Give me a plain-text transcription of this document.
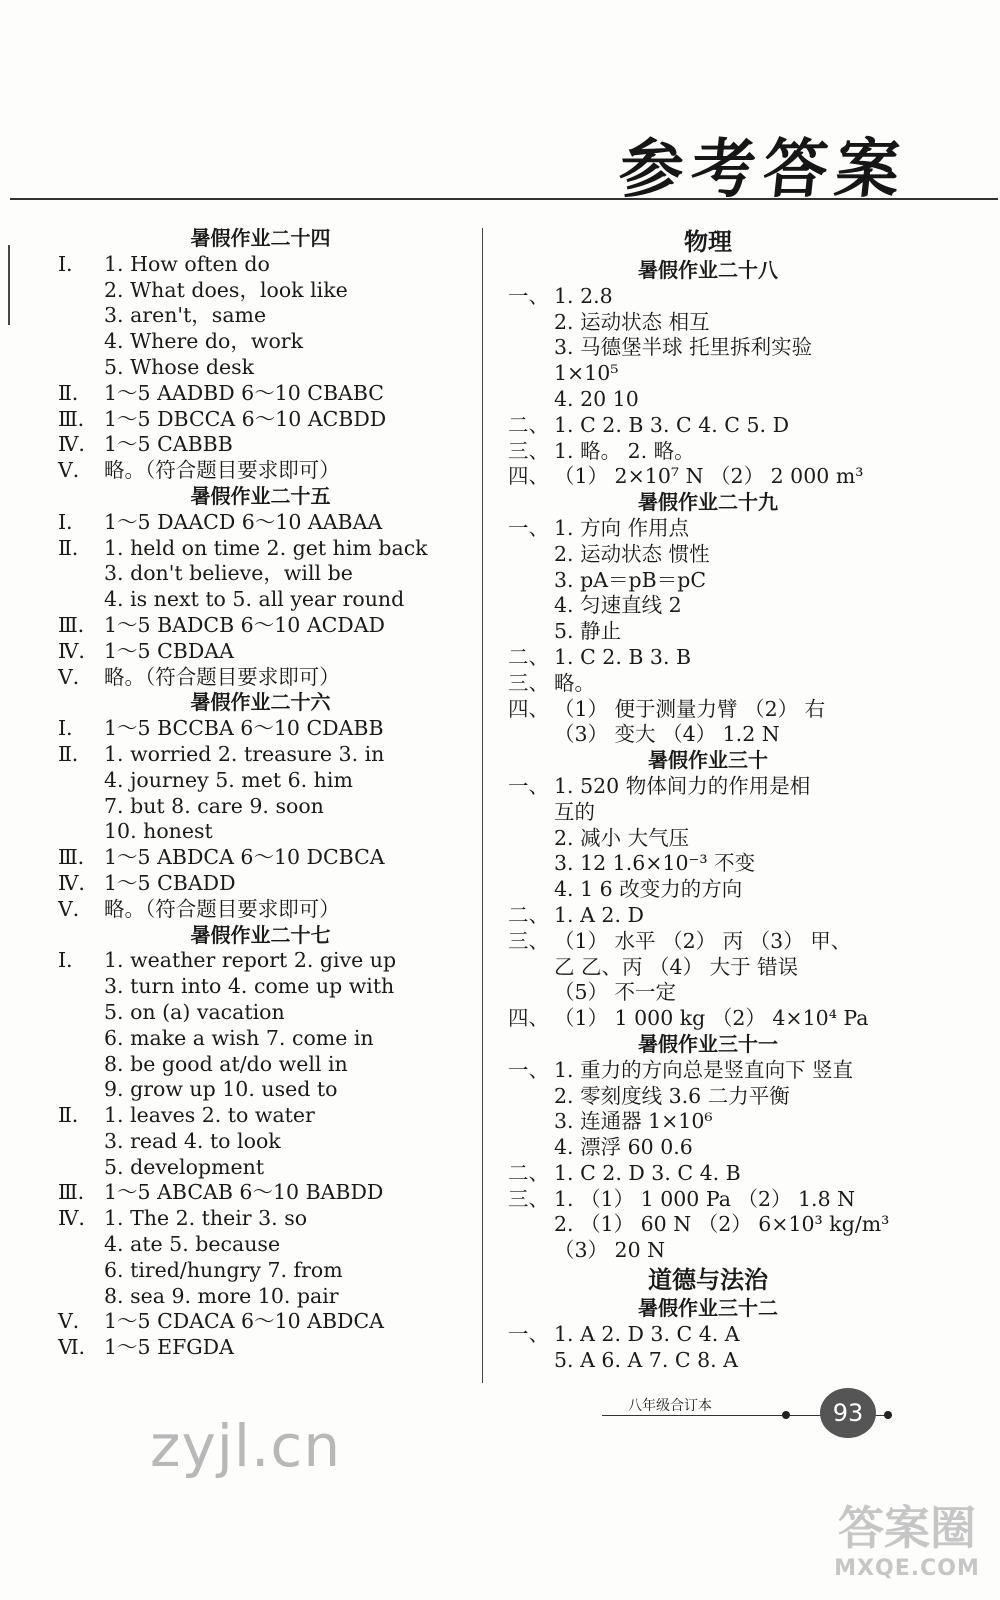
参考答案
暑假作业二十四
Ⅰ． 1. How often do
2. What does，look like
3. aren't，same
4. Where do，work
5. Whose desk
Ⅱ． 1～5 AADBD 6～10 CBABC
Ⅲ． 1～5 DBCCA 6～10 ACBDD
Ⅳ． 1～5 CABBB
Ⅴ． 略。（符合题目要求即可）
暑假作业二十五
Ⅰ． 1～5 DAACD 6～10 AABAA
Ⅱ． 1. held on time 2. get him back
3. don't believe，will be
4. is next to 5. all year round
Ⅲ． 1～5 BADCB 6～10 ACDAD
Ⅳ． 1～5 CBDAA
Ⅴ． 略。（符合题目要求即可）
暑假作业二十六
Ⅰ． 1～5 BCCBA 6～10 CDABB
Ⅱ． 1. worried 2. treasure 3. in
4. journey 5. met 6. him
7. but 8. care 9. soon
10. honest
Ⅲ． 1～5 ABDCA 6～10 DCBCA
Ⅳ． 1～5 CBADD
Ⅴ． 略。（符合题目要求即可）
暑假作业二十七
Ⅰ． 1. weather report 2. give up
3. turn into 4. come up with
5. on (a) vacation
6. make a wish 7. come in
8. be good at/do well in
9. grow up 10. used to
Ⅱ． 1. leaves 2. to water
3. read 4. to look
5. development
Ⅲ． 1～5 ABCAB 6～10 BABDD
Ⅳ． 1. The 2. their 3. so
4. ate 5. because
6. tired/hungry 7. from
8. sea 9. more 10. pair
Ⅴ． 1～5 CDACA 6～10 ABDCA
Ⅵ． 1～5 EFGDA
物理
暑假作业二十八
一、 1. 2.8
2. 运动状态 相互
3. 马德堡半球 托里拆利实验
1×10⁵
4. 20 10
二、 1. C 2. B 3. C 4. C 5. D
三、 1. 略。 2. 略。
四、 （1） 2×10⁷ N （2） 2 000 m³
暑假作业二十九
一、 1. 方向 作用点
2. 运动状态 惯性
3. pA＝pB＝pC
4. 匀速直线 2
5. 静止
二、 1. C 2. B 3. B
三、 略。
四、 （1） 便于测量力臂 （2） 右
（3） 变大 （4） 1.2 N
暑假作业三十
一、 1. 520 物体间力的作用是相
互的
2. 减小 大气压
3. 12 1.6×10⁻³ 不变
4. 1 6 改变力的方向
二、 1. A 2. D
三、 （1） 水平 （2） 丙 （3） 甲、
乙 乙、丙 （4） 大于 错误
（5） 不一定
四、 （1） 1 000 kg （2） 4×10⁴ Pa
暑假作业三十一
一、 1. 重力的方向总是竖直向下 竖直
2. 零刻度线 3.6 二力平衡
3. 连通器 1×10⁶
4. 漂浮 60 0.6
二、 1. C 2. D 3. C 4. B
三、 1. （1） 1 000 Pa （2） 1.8 N
2. （1） 60 N （2） 6×10³ kg/m³
（3） 20 N
道德与法治
暑假作业三十二
一、 1. A 2. D 3. C 4. A
5. A 6. A 7. C 8. A
zyjl.cn
八年级合订本	93
答案圈
MXQE.COM
